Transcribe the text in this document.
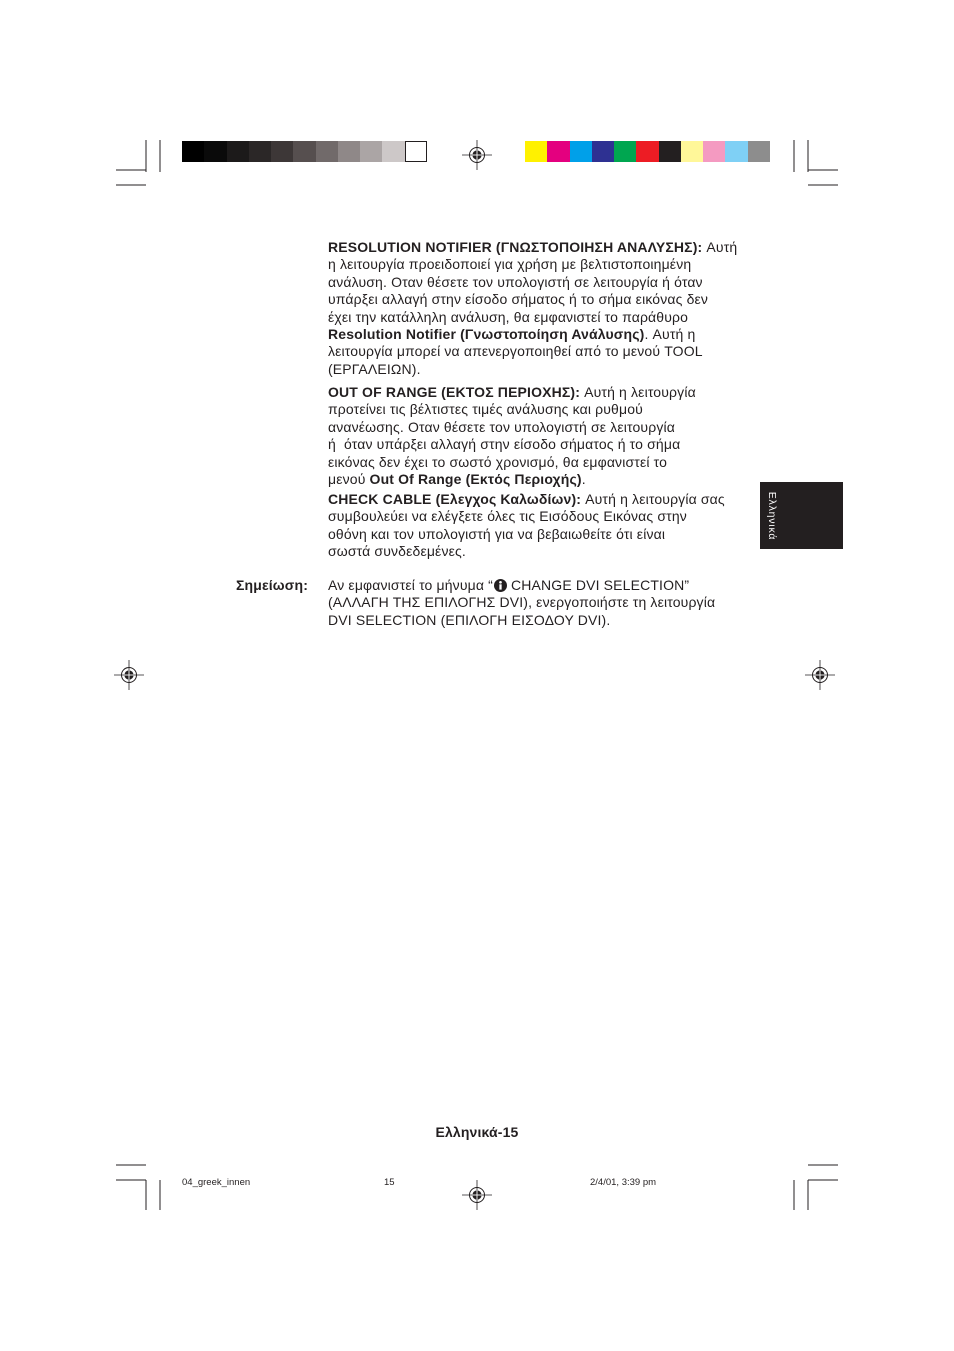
RESOLUTION NOTIFIER (ΓΝΩΣΤΟΠΟΙΗΣΗ ΑΝΑΛΥΣΗΣ): Αυτή
η λειτουργία προειδοποιεί για χρήση με βελτιστοποιημένη
ανάλυση. Οταν θέσετε τον υπολογιστή σε λειτουργία ή όταν
υπάρξει αλλαγή στην είσοδο σήματος ή το σήμα εικόνας δεν
έχει την κατάλληλη ανάλυση, θα εμφανιστεί το παράθυρο
Resolution Notifier (Γνωστοποίηση Ανάλυσης). Αυτή η
λειτουργία μπορεί να απενεργοποιηθεί από το μενού TOOL
(ΕΡΓΑΛΕΙΩΝ).
OUT OF RANGE (ΕΚΤΟΣ ΠΕΡΙΟΧΗΣ): Αυτή η λειτουργία
προτείνει τις βέλτιστες τιμές ανάλυσης και ρυθμού
ανανέωσης. Οταν θέσετε τον υπολογιστή σε λειτουργία
ή  όταν υπάρξει αλλαγή στην είσοδο σήματος ή το σήμα
εικόνας δεν έχει το σωστό χρονισμό, θα εμφανιστεί το
μενού Out Of Range (Εκτός Περιοχής).
CHECK CABLE (Ελεγχος Καλωδίων): Αυτή η λειτουργία σας
συμβουλεύει να ελέγξετε όλες τις Εισόδους Εικόνας στην
οθόνη και τον υπολογιστή για να βεβαιωθείτε ότι είναι
σωστά συνδεδεμένες.
Σημείωση: Αν εμφανιστεί το μήνυμα “
CHANGE DVI SELECTION”
(ΑΛΛΑΓΗ ΤΗΣ ΕΠΙΛΟΓΗΣ DVI), ενεργοποιήστε τη λειτουργία
DVI SELECTION (ΕΠΙΛΟΓΗ ΕΙΣΟΔΟΥ DVI).
Ελληνικά
Ελληνικά-15
04_greek_innen	15	2/4/01, 3:39 pm
